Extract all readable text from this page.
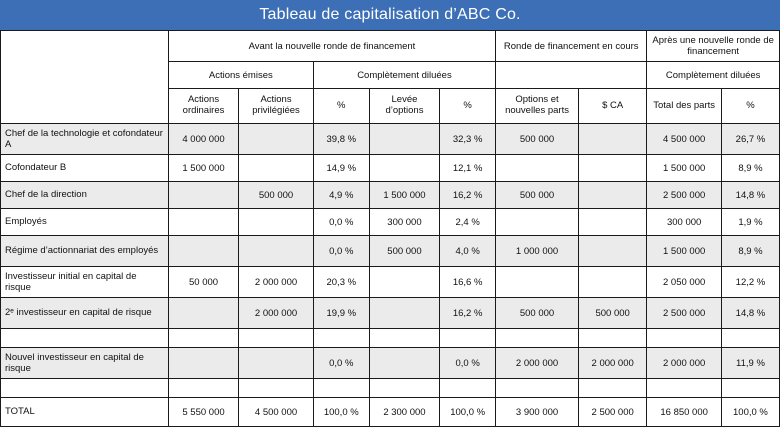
Tableau de capitalisation d’ABC Co.
	Avant la nouvelle ronde de financement					Ronde de financement en cours		Après une nouvelle ronde de financement	
	Actions émises		Complètement diluées					Complètement diluées	
	Actions ordinaires	Actions privilégiées	%	Levée d’options	%	Options et nouvelles parts	$ CA	Total des parts	%
Chef de la technologie et cofondateur A	4 000 000		39,8 %		32,3 %	500 000		4 500 000	26,7 %
Cofondateur B	1 500 000		14,9 %		12,1 %			1 500 000	8,9 %
Chef de la direction		500 000	4,9 %	1 500 000	16,2 %	500 000		2 500 000	14,8 %
Employés			0,0 %	300 000	2,4 %			300 000	1,9 %
Régime d’actionnariat des employés			0,0 %	500 000	4,0 %	1 000 000		1 500 000	8,9 %
Investisseur initial en capital de risque	50 000	2 000 000	20,3 %		16,6 %			2 050 000	12,2 %
2ᵉ investisseur en capital de risque		2 000 000	19,9 %		16,2 %	500 000	500 000	2 500 000	14,8 %

Nouvel investisseur en capital de risque			0,0 %		0,0 %	2 000 000	2 000 000	2 000 000	11,9 %

TOTAL	5 550 000	4 500 000	100,0 %	2 300 000	100,0 %	3 900 000	2 500 000	16 850 000	100,0 %
